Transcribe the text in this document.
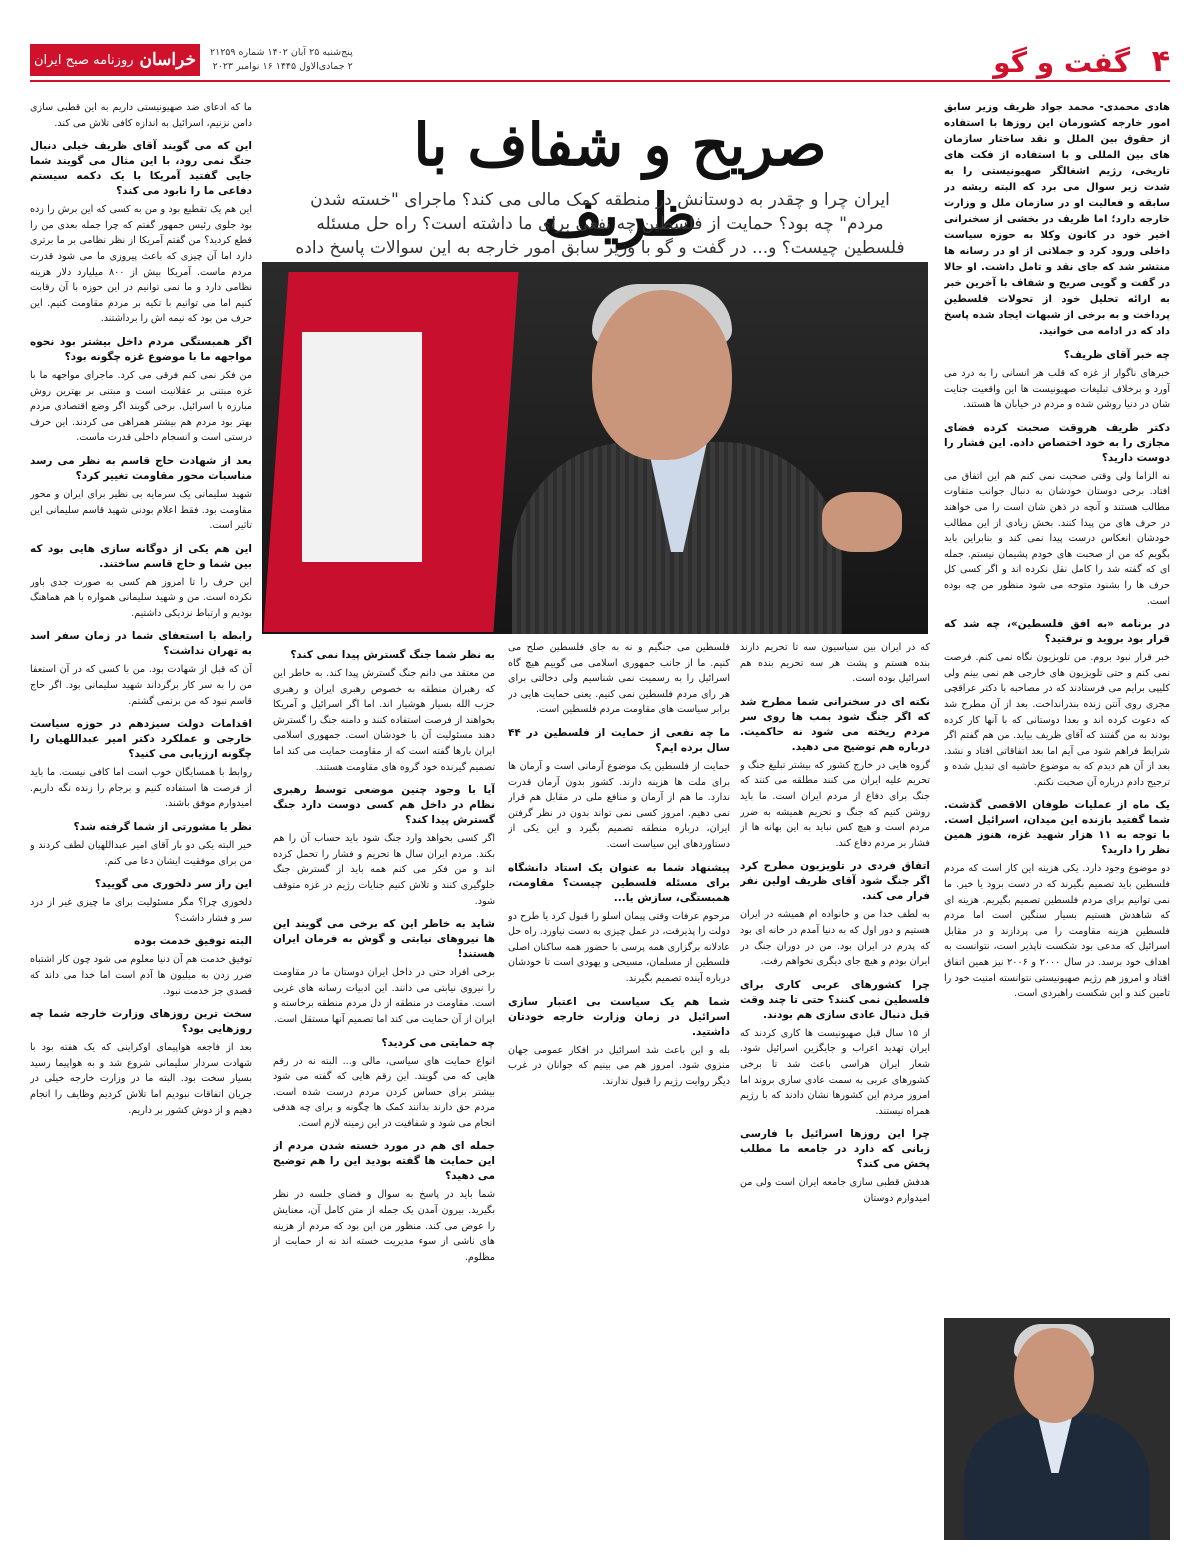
۴
گفت و گو
پنج‌شنبه ۲۵ آبان ۱۴۰۲ شماره ۲۱۲۵۹
۲ جمادی‌الاول ۱۴۴۵ ۱۶ نوامبر ۲۰۲۳
خراسان
روزنامه صبح ایران

هادی محمدی- محمد جواد ظریف وزیر سابق امور خارجه کشورمان این روزها با استفاده از حقوق بین الملل و نقد ساختار سازمان های بین المللی و با استفاده از فکت های تاریخی، رژیم اشغالگر صهیونیستی را به شدت زیر سوال می برد که البته ریشه در سابقه و فعالیت او در سازمان ملل و وزارت خارجه دارد؛ اما ظریف در بخشی از سخنرانی اخیر خود در کانون وکلا به حوزه سیاست داخلی ورود کرد و جملاتی از او در رسانه ها منتشر شد که جای نقد و تامل داشت. او حالا در گفت و گویی صریح و شفاف با آخرین خبر به ارائه تحلیل خود از تحولات فلسطین پرداخت و به برخی از شبهات ایجاد شده پاسخ داد که در ادامه می خوانید.

چه خبر آقای ظریف؟

خبرهای ناگوار از غزه که قلب هر انسانی را به درد می آورد و برخلاف تبلیغات صهیونیست ها این واقعیت جنایت شان در دنیا روشن شده و مردم در خیابان ها هستند.

دکتر ظریف هروقت صحبت کرده فضای مجازی را به خود اختصاص داده. این فشار را دوست دارید؟

نه الزاما ولی وقتی صحبت نمی کنم هم این اتفاق می افتاد. برخی دوستان خودشان به دنبال جوانب متفاوت مطالب هستند و آنچه در ذهن شان است را می خواهند در حرف های من پیدا کنند. بخش زیادی از این مطالب خودشان انعکاس درست پیدا نمی کند و بنابراین باید بگویم که من از صحبت های خودم پشیمان نیستم. جمله ای که گفته شد را کامل نقل نکرده اند و اگر کسی کل حرف ها را بشنود متوجه می شود منظور من چه بوده است.

در برنامه «به افق فلسطین»، چه شد که قرار بود بروید و نرفتید؟

خبر قرار نبود بروم. من تلویزیون نگاه نمی کنم. فرصت نمی کنم و حتی تلویزیون های خارجی هم نمی بینم ولی کلیپی برایم می فرستادند که در مصاحبه با دکتر عراقچی مجری روی آنتن زنده بندرانداخت. بعد از آن مطرح شد که دعوت کرده اند و بعدا دوستانی که با آنها کار کرده بودند به من گفتند که آقای ظریف بیاید. من هم گفتم اگر شرایط فراهم شود می آیم اما بعد اتفاقاتی افتاد و نشد. بعد از آن هم دیدم که به موضوع حاشیه ای تبدیل شده و ترجیح دادم درباره آن صحبت نکنم.

یک ماه از عملیات طوفان الاقصی گذشت. شما گفتید بازنده این میدان، اسرائیل است. با توجه به ۱۱ هزار شهید غزه، هنوز همین نظر را دارید؟

دو موضوع وجود دارد. یکی هزینه این کار است که مردم فلسطین باید تصمیم بگیرند که در دست برود یا خیر. ما نمی توانیم برای مردم فلسطین تصمیم بگیریم. هزینه ای که شاهدش هستیم بسیار سنگین است اما مردم فلسطین هزینه مقاومت را می پردازند و در مقابل اسرائیل که مدعی بود شکست ناپذیر است، نتوانست به اهداف خود برسد. در سال ۲۰۰۰ و ۲۰۰۶ نیز همین اتفاق افتاد و امروز هم رژیم صهیونیستی نتوانسته امنیت خود را تامین کند و این شکست راهبردی است.

صریح و شفاف با ظریف	ایران چرا و چقدر به دوستانش در منطقه کمک مالی می کند؟ ماجرای "خسته شدن مردم" چه بود؟ حمایت از فلسطین چه نفعی برای ما داشته است؟ راه حل مسئله فلسطین چیست؟ و... در گفت و گو با وزیر سابق امور خارجه به این سوالات پاسخ داده

که در ایران بین سیاسیون سه تا تحریم دارند بنده هستم و پشت هر سه تحریم بنده هم اسرائیل بوده است.

نکته ای در سخنرانی شما مطرح شد که اگر جنگ شود بمب ها روی سر مردم ریخته می شود نه حاکمیت. درباره هم توضیح می دهید.

گروه هایی در خارج کشور که بیشتر تبلیغ جنگ و تحریم علیه ایران می کنند مطلقه می کنند که جنگ برای دفاع از مردم ایران است. ما باید روشن کنیم که جنگ و تحریم همیشه به ضرر مردم است و هیچ کس نباید به این بهانه ها از فشار بر مردم دفاع کند.

اتفاق فردی در تلویزیون مطرح کرد اگر جنگ شود آقای ظریف اولین نفر فرار می کند.

به لطف خدا من و خانواده ام همیشه در ایران هستیم و دور اول که به دنیا آمدم در خانه ای بود که پدرم در ایران بود. من در دوران جنگ در ایران بودم و هیچ جای دیگری نخواهم رفت.

چرا کشورهای عربی کاری برای فلسطین نمی کنند؟ حتی تا چند وقت قبل دنبال عادی سازی هم بودند.

از ۱۵ سال قبل صهیونیست ها کاری کردند که ایران تهدید اعراب و جایگزین اسرائیل شود. شعار ایران هراسی باعث شد تا برخی کشورهای عربی به سمت عادی سازی بروند اما امروز مردم این کشورها نشان دادند که با رژیم همراه نیستند.

چرا این روزها اسرائیل با فارسی زبانی که دارد در جامعه ما مطلب پخش می کند؟

هدفش قطبی سازی جامعه ایران است ولی من امیدوارم دوستان

فلسطین می جنگیم و نه به جای فلسطین صلح می کنیم. ما از جانب جمهوری اسلامی می گوییم هیچ گاه اسرائیل را به رسمیت نمی شناسیم ولی دخالتی برای هر رای مردم فلسطین نمی کنیم. یعنی حمایت هایی در برابر سیاست های مقاومت مردم فلسطین است.

ما چه نفعی از حمایت از فلسطین در ۴۴ سال برده ایم؟

حمایت از فلسطین یک موضوع آرمانی است و آرمان ها برای ملت ها هزینه دارند. کشور بدون آرمان قدرت ندارد. ما هم از آرمان و منافع ملی در مقابل هم قرار نمی دهیم. امروز کسی نمی تواند بدون در نظر گرفتن ایران، درباره منطقه تصمیم بگیرد و این یکی از دستاوردهای این سیاست است.

پیشنهاد شما به عنوان یک استاد دانشگاه برای مسئله فلسطین چیست؟ مقاومت، همبستگی، سازش یا...

مرحوم عرفات وقتی پیمان اسلو را قبول کرد یا طرح دو دولت را پذیرفت، در عمل چیزی به دست نیاورد. راه حل عادلانه برگزاری همه پرسی با حضور همه ساکنان اصلی فلسطین از مسلمان، مسیحی و یهودی است تا خودشان درباره آینده تصمیم بگیرند.

شما هم یک سیاست بی اعتبار سازی اسرائیل در زمان وزارت خارجه خودتان داشتید.

بله و این باعث شد اسرائیل در افکار عمومی جهان منزوی شود. امروز هم می بینیم که جوانان در غرب دیگر روایت رژیم را قبول ندارند.

به نظر شما جنگ گسترش پیدا نمی کند؟

من معتقد می دانم جنگ گسترش پیدا کند. به خاطر این که رهبران منطقه به خصوص رهبری ایران و رهبری حزب الله بسیار هوشیار اند. اما اگر اسرائیل و آمریکا بخواهند از فرصت استفاده کنند و دامنه جنگ را گسترش دهند مسئولیت آن با خودشان است. جمهوری اسلامی ایران بارها گفته است که از مقاومت حمایت می کند اما تصمیم گیرنده خود گروه های مقاومت هستند.

آیا با وجود چنین موضعی توسط رهبری نظام در داخل هم کسی دوست دارد جنگ گسترش پیدا کند؟

اگر کسی بخواهد وارد جنگ شود باید حساب آن را هم بکند. مردم ایران سال ها تحریم و فشار را تحمل کرده اند و من فکر می کنم همه باید از گسترش جنگ جلوگیری کنند و تلاش کنیم جنایات رژیم در غزه متوقف شود.

شاید به خاطر این که برخی می گویند این ها نیروهای نیابتی و گوش به فرمان ایران هستند!

برخی افراد حتی در داخل ایران دوستان ما در مقاومت را نیروی نیابتی می دانند. این ادبیات رسانه های غربی است. مقاومت در منطقه از دل مردم منطقه برخاسته و ایران از آن حمایت می کند اما تصمیم آنها مستقل است.

چه حمایتی می کردید؟

انواع حمایت های سیاسی، مالی و... البته نه در رقم هایی که می گویند. این رقم هایی که گفته می شود بیشتر برای حساس کردن مردم درست شده است. مردم حق دارند بدانند کمک ها چگونه و برای چه هدفی انجام می شود و شفافیت در این زمینه لازم است.

جمله ای هم در مورد خسته شدن مردم از این حمایت ها گفته بودید این را هم توضیح می دهید؟

شما باید در پاسخ به سوال و فضای جلسه در نظر بگیرید. بیرون آمدن یک جمله از متن کامل آن، معنایش را عوض می کند. منظور من این بود که مردم از هزینه های ناشی از سوء مدیریت خسته اند نه از حمایت از مظلوم.

ما که ادعای ضد صهیونیستی داریم به این قطبی سازی دامن نزنیم، اسرائیل به اندازه کافی تلاش می کند.

این که می گویند آقای ظریف خیلی دنبال جنگ نمی رود، با این مثال می گویند شما جایی گفتید آمریکا با یک دکمه سیستم دفاعی ما را نابود می کند؟

این هم یک تقطیع بود و من به کسی که این برش را زده بود جلوی رئیس جمهور گفتم که چرا جمله بعدی من را قطع کردید؟ من گفتم آمریکا از نظر نظامی بر ما برتری دارد اما آن چیزی که باعث پیروزی ما می شود قدرت مردم ماست. آمریکا بیش از ۸۰۰ میلیارد دلار هزینه نظامی دارد و ما نمی توانیم در این حوزه با آن رقابت کنیم اما می توانیم با تکیه بر مردم مقاومت کنیم. این حرف من بود که نیمه اش را برداشتند.

اگر همبستگی مردم داخل بیشتر بود نحوه مواجهه ما با موضوع غزه چگونه بود؟

من فکر نمی کنم فرقی می کرد. ماجرای مواجهه ما با غزه مبتنی بر عقلانیت است و مبتنی بر بهترین روش مبارزه با اسرائیل. برخی گویند اگر وضع اقتصادی مردم بهتر بود مردم هم بیشتر همراهی می کردند. این حرف درستی است و انسجام داخلی قدرت ماست.

بعد از شهادت حاج قاسم به نظر می رسد مناسبات محور مقاومت تغییر کرد؟

شهید سلیمانی یک سرمایه بی نظیر برای ایران و محور مقاومت بود. فقط اعلام بودنی شهید قاسم سلیمانی این تاثیر است.

این هم یکی از دوگانه سازی هایی بود که بین شما و حاج قاسم ساختند.

این حرف را تا امروز هم کسی به صورت جدی باور نکرده است. من و شهید سلیمانی همواره با هم هماهنگ بودیم و ارتباط نزدیکی داشتیم.

رابطه با استعفای شما در زمان سفر اسد به تهران نداشت؟

آن که قبل از شهادت بود. من با کسی که در آن استعفا من را به سر کار برگرداند شهید سلیمانی بود. اگر حاج قاسم نبود که من برنمی گشتم.

اقدامات دولت سیزدهم در حوزه سیاست خارجی و عملکرد دکتر امیر عبداللهیان را چگونه ارزیابی می کنید؟

روابط با همسایگان خوب است اما کافی نیست. ما باید از فرصت ها استفاده کنیم و برجام را زنده نگه داریم. امیدوارم موفق باشند.

نظر یا مشورتی از شما گرفته شد؟

خیر البته یکی دو بار آقای امیر عبداللهیان لطف کردند و من برای موفقیت ایشان دعا می کنم.

این راز سر دلخوری می گویید؟

دلخوری چرا؟ مگر مسئولیت برای ما چیزی غیر از درد سر و فشار داشت؟

البته توفیق خدمت بوده

توفیق خدمت هم آن دنیا معلوم می شود چون کار اشتباه ضرر زدن به میلیون ها آدم است اما خدا می داند که قصدی جز خدمت نبود.

سخت ترین روزهای وزارت خارجه شما چه روزهایی بود؟

بعد از فاجعه هواپیمای اوکراینی که یک هفته بود با شهادت سردار سلیمانی شروع شد و به هواپیما رسید بسیار سخت بود. البته ما در وزارت خارجه خیلی در جریان اتفاقات نبودیم اما تلاش کردیم وظایف را انجام دهیم و از دوش کشور بر داریم.
